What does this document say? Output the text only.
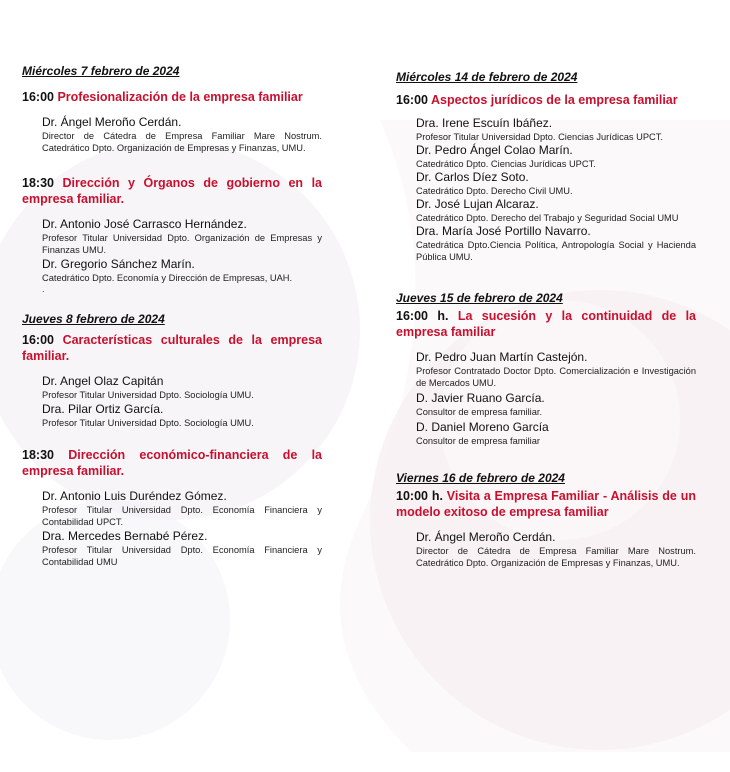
Miércoles 7 febrero de 2024
16:00 Profesionalización de la empresa familiar
Dr. Ángel Meroño Cerdán.
Director de Cátedra de Empresa Familiar Mare Nostrum. Catedrático Dpto. Organización de Empresas y Finanzas, UMU.
18:30 Dirección y Órganos de gobierno en la empresa familiar.
Dr. Antonio José Carrasco Hernández.
Profesor Titular Universidad Dpto. Organización de Empresas y Finanzas UMU.
Dr. Gregorio Sánchez Marín.
Catedrático Dpto. Economía y Dirección de Empresas, UAH.
.
Jueves 8 febrero de 2024
16:00 Características culturales de la empresa familiar.
Dr. Angel Olaz Capitán
Profesor Titular Universidad Dpto. Sociología UMU.
Dra. Pilar Ortiz García.
Profesor Titular Universidad Dpto. Sociología UMU.
18:30 Dirección económico-financiera de la empresa familiar.
Dr. Antonio Luis Duréndez Gómez.
Profesor Titular Universidad Dpto. Economía Financiera y Contabilidad UPCT.
Dra. Mercedes Bernabé Pérez.
Profesor Titular Universidad Dpto. Economía Financiera y Contabilidad UMU
Miércoles 14 de febrero de 2024
16:00 Aspectos jurídicos de la empresa familiar
Dra. Irene Escuín Ibáñez.
Profesor Titular Universidad Dpto. Ciencias Jurídicas UPCT.
Dr. Pedro Ángel Colao Marín.
Catedrático Dpto. Ciencias Jurídicas UPCT.
Dr. Carlos Díez Soto.
Catedrático Dpto. Derecho Civil UMU.
Dr. José Lujan Alcaraz.
Catedrático Dpto. Derecho del Trabajo y Seguridad Social UMU
Dra. María José Portillo Navarro.
Catedrática Dpto.Ciencia Política, Antropología Social y Hacienda Pública UMU.
Jueves 15 de febrero de 2024
16:00 h. La sucesión y la continuidad de la empresa familiar
Dr. Pedro Juan Martín Castejón.
Profesor Contratado Doctor Dpto. Comercialización e Investigación de Mercados UMU.
D. Javier Ruano García.
Consultor de empresa familiar.
D. Daniel Moreno García
Consultor de empresa familiar
Viernes 16 de febrero de 2024
10:00 h. Visita a Empresa Familiar - Análisis de un modelo exitoso de empresa familiar
Dr. Ángel Meroño Cerdán.
Director de Cátedra de Empresa Familiar Mare Nostrum. Catedrático Dpto. Organización de Empresas y Finanzas, UMU.
